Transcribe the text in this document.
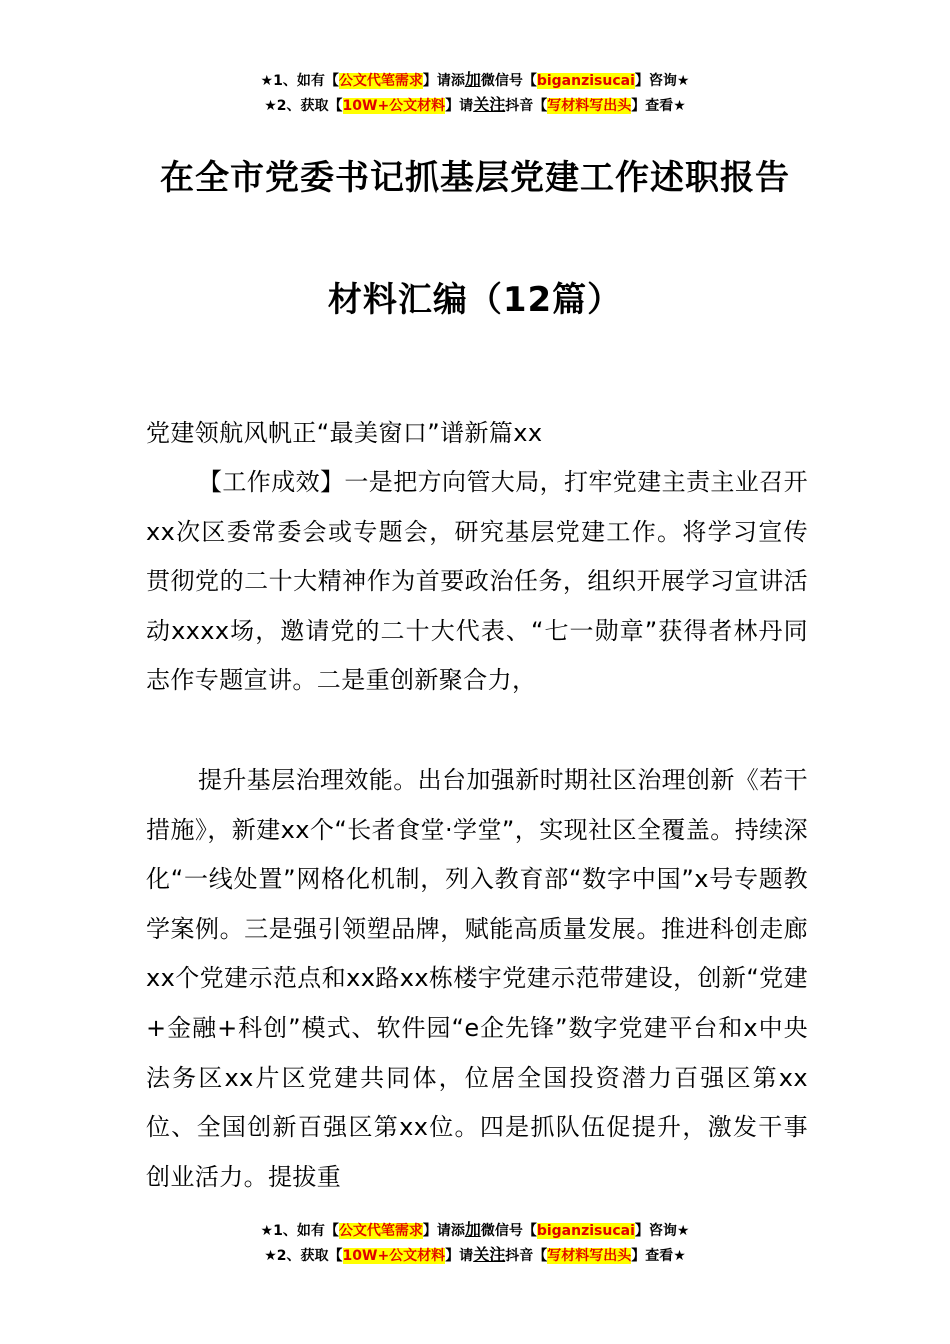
★1、如有【公文代笔需求】请添加微信号【biganzisucai】咨询★
★2、获取【10W+公文材料】请关注抖音【写材料写出头】查看★
在全市党委书记抓基层党建工作述职报告
材料汇编（12篇）

党建领航风帆正“最美窗口”谱新篇xx

【工作成效】一是把方向管大局，打牢党建主责主业召开xx次区委常委会或专题会，研究基层党建工作。将学习宣传贯彻党的二十大精神作为首要政治任务，组织开展学习宣讲活动xxxx场，邀请党的二十大代表、“七一勋章”获得者林丹同志作专题宣讲。二是重创新聚合力，

提升基层治理效能。出台加强新时期社区治理创新《若干措施》，新建xx个“长者食堂·学堂”，实现社区全覆盖。持续深化“一线处置”网格化机制，列入教育部“数字中国”x号专题教学案例。三是强引领塑品牌，赋能高质量发展。推进科创走廊xx个党建示范点和xx路xx栋楼宇党建示范带建设，创新“党建+金融+科创”模式、软件园“e企先锋”数字党建平台和x中央法务区xx片区党建共同体，位居全国投资潜力百强区第xx位、全国创新百强区第xx位。四是抓队伍促提升，激发干事创业活力。提拔重

★1、如有【公文代笔需求】请添加微信号【biganzisucai】咨询★
★2、获取【10W+公文材料】请关注抖音【写材料写出头】查看★
